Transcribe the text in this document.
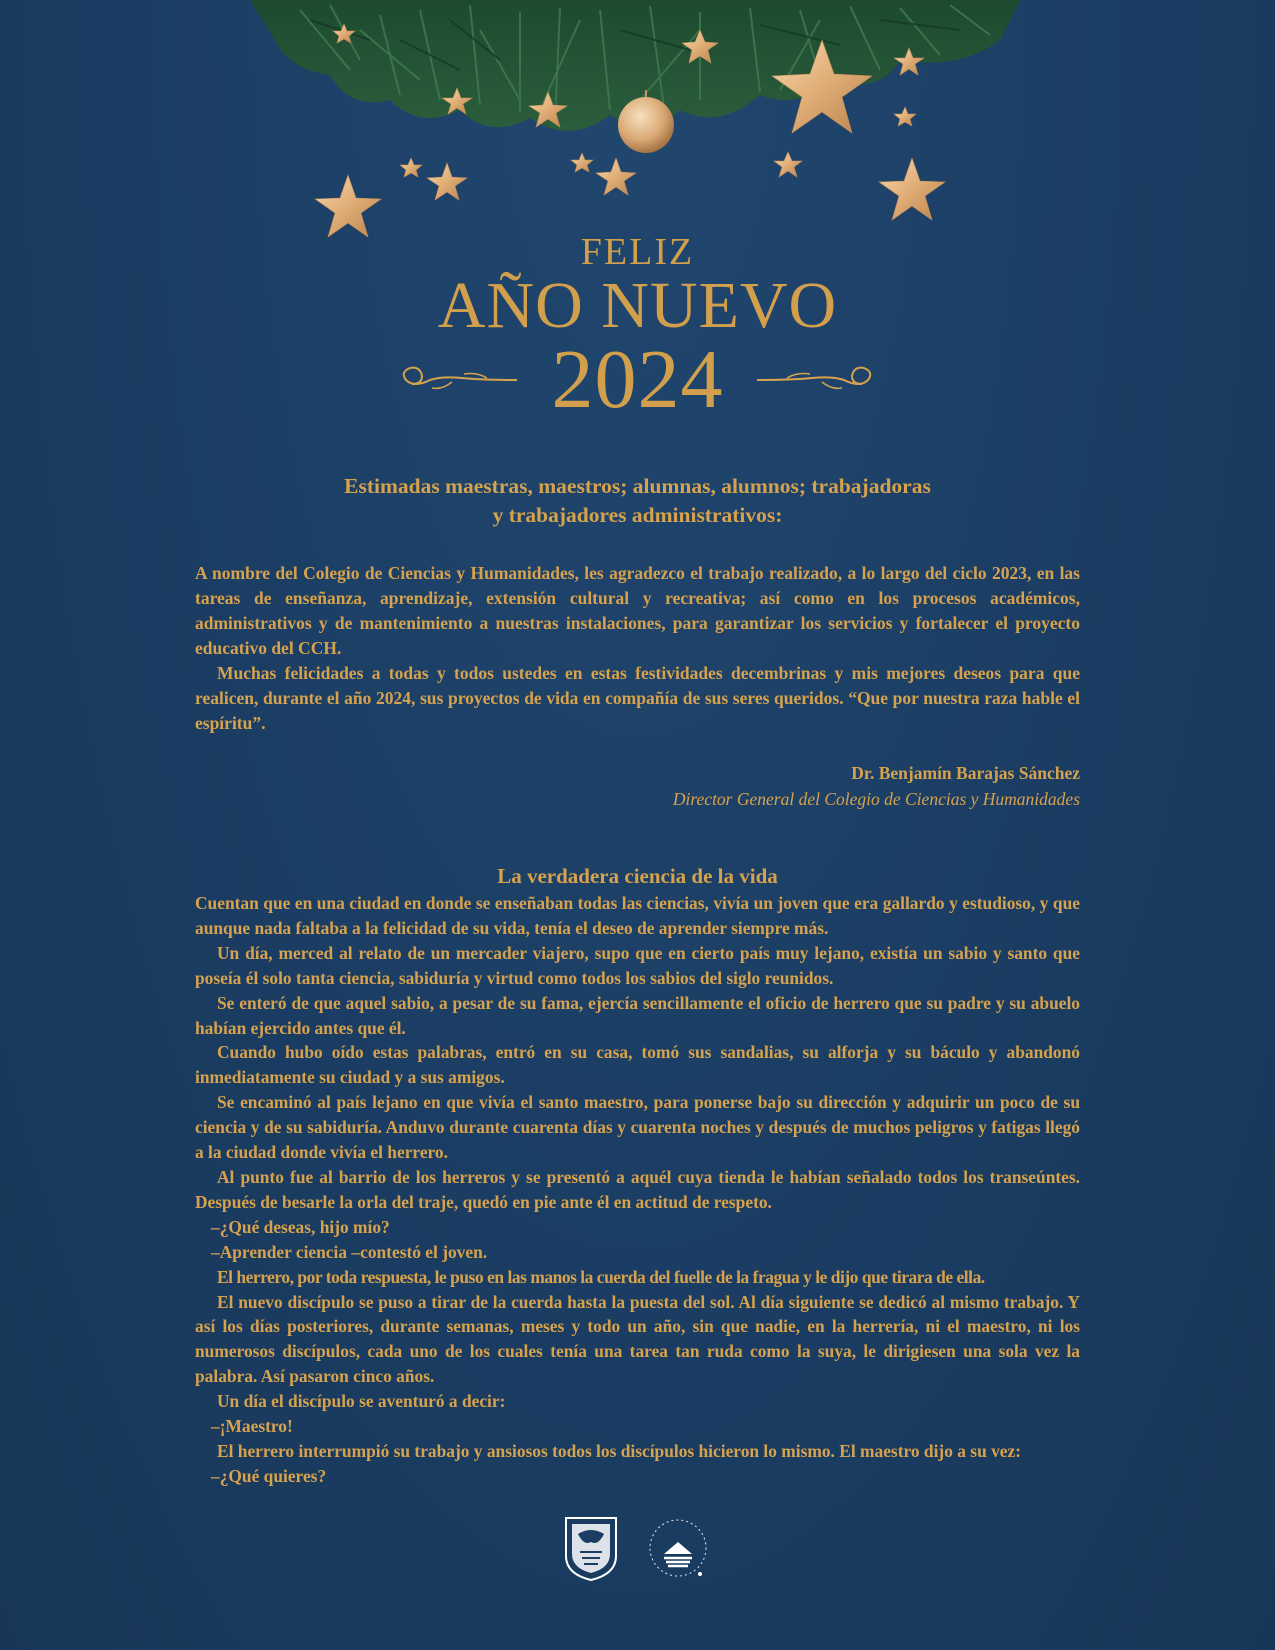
FELIZ
AÑO NUEVO
2024
Estimadas maestras, maestros; alumnas, alumnos; trabajadoras
y trabajadores administrativos:

A nombre del Colegio de Ciencias y Humanidades, les agradezco el trabajo realizado, a lo largo del ciclo 2023, en las tareas de enseñanza, aprendizaje, extensión cultural y recreativa; así como en los procesos académicos, administrativos y de mantenimiento a nuestras instalaciones, para garantizar los servicios y fortalecer el proyecto educativo del CCH.

Muchas felicidades a todas y todos ustedes en estas festividades decembrinas y mis mejores deseos para que realicen, durante el año 2024, sus proyectos de vida en compañía de sus seres queridos. “Que por nuestra raza hable el espíritu”.

Dr. Benjamín Barajas Sánchez
Director General del Colegio de Ciencias y Humanidades
La verdadera ciencia de la vida

Cuentan que en una ciudad en donde se enseñaban todas las ciencias, vivía un joven que era gallardo y estudioso, y que aunque nada faltaba a la felicidad de su vida, tenía el deseo de aprender siempre más.

Un día, merced al relato de un mercader viajero, supo que en cierto país muy lejano, existía un sabio y santo que poseía él solo tanta ciencia, sabiduría y virtud como todos los sabios del siglo reunidos.

Se enteró de que aquel sabio, a pesar de su fama, ejercía sencillamente el oficio de herrero que su padre y su abuelo habían ejercido antes que él.

Cuando hubo oído estas palabras, entró en su casa, tomó sus sandalias, su alforja y su báculo y abandonó inmediatamente su ciudad y a sus amigos.

Se encaminó al país lejano en que vivía el santo maestro, para ponerse bajo su dirección y adquirir un poco de su ciencia y de su sabiduría. Anduvo durante cuarenta días y cuarenta noches y después de muchos peligros y fatigas llegó a la ciudad donde vivía el herrero.

Al punto fue al barrio de los herreros y se presentó a aquél cuya tienda le habían señalado todos los transeúntes. Después de besarle la orla del traje, quedó en pie ante él en actitud de respeto.

–¿Qué deseas, hijo mío?

–Aprender ciencia –contestó el joven.

El herrero, por toda respuesta, le puso en las manos la cuerda del fuelle de la fragua y le dijo que tirara de ella.

El nuevo discípulo se puso a tirar de la cuerda hasta la puesta del sol. Al día siguiente se dedicó al mismo trabajo. Y así los días posteriores, durante semanas, meses y todo un año, sin que nadie, en la herrería, ni el maestro, ni los numerosos discípulos, cada uno de los cuales tenía una tarea tan ruda como la suya, le dirigiesen una sola vez la palabra. Así pasaron cinco años.

Un día el discípulo se aventuró a decir:

–¡Maestro!

El herrero interrumpió su trabajo y ansiosos todos los discípulos hicieron lo mismo. El maestro dijo a su vez:

–¿Qué quieres?
